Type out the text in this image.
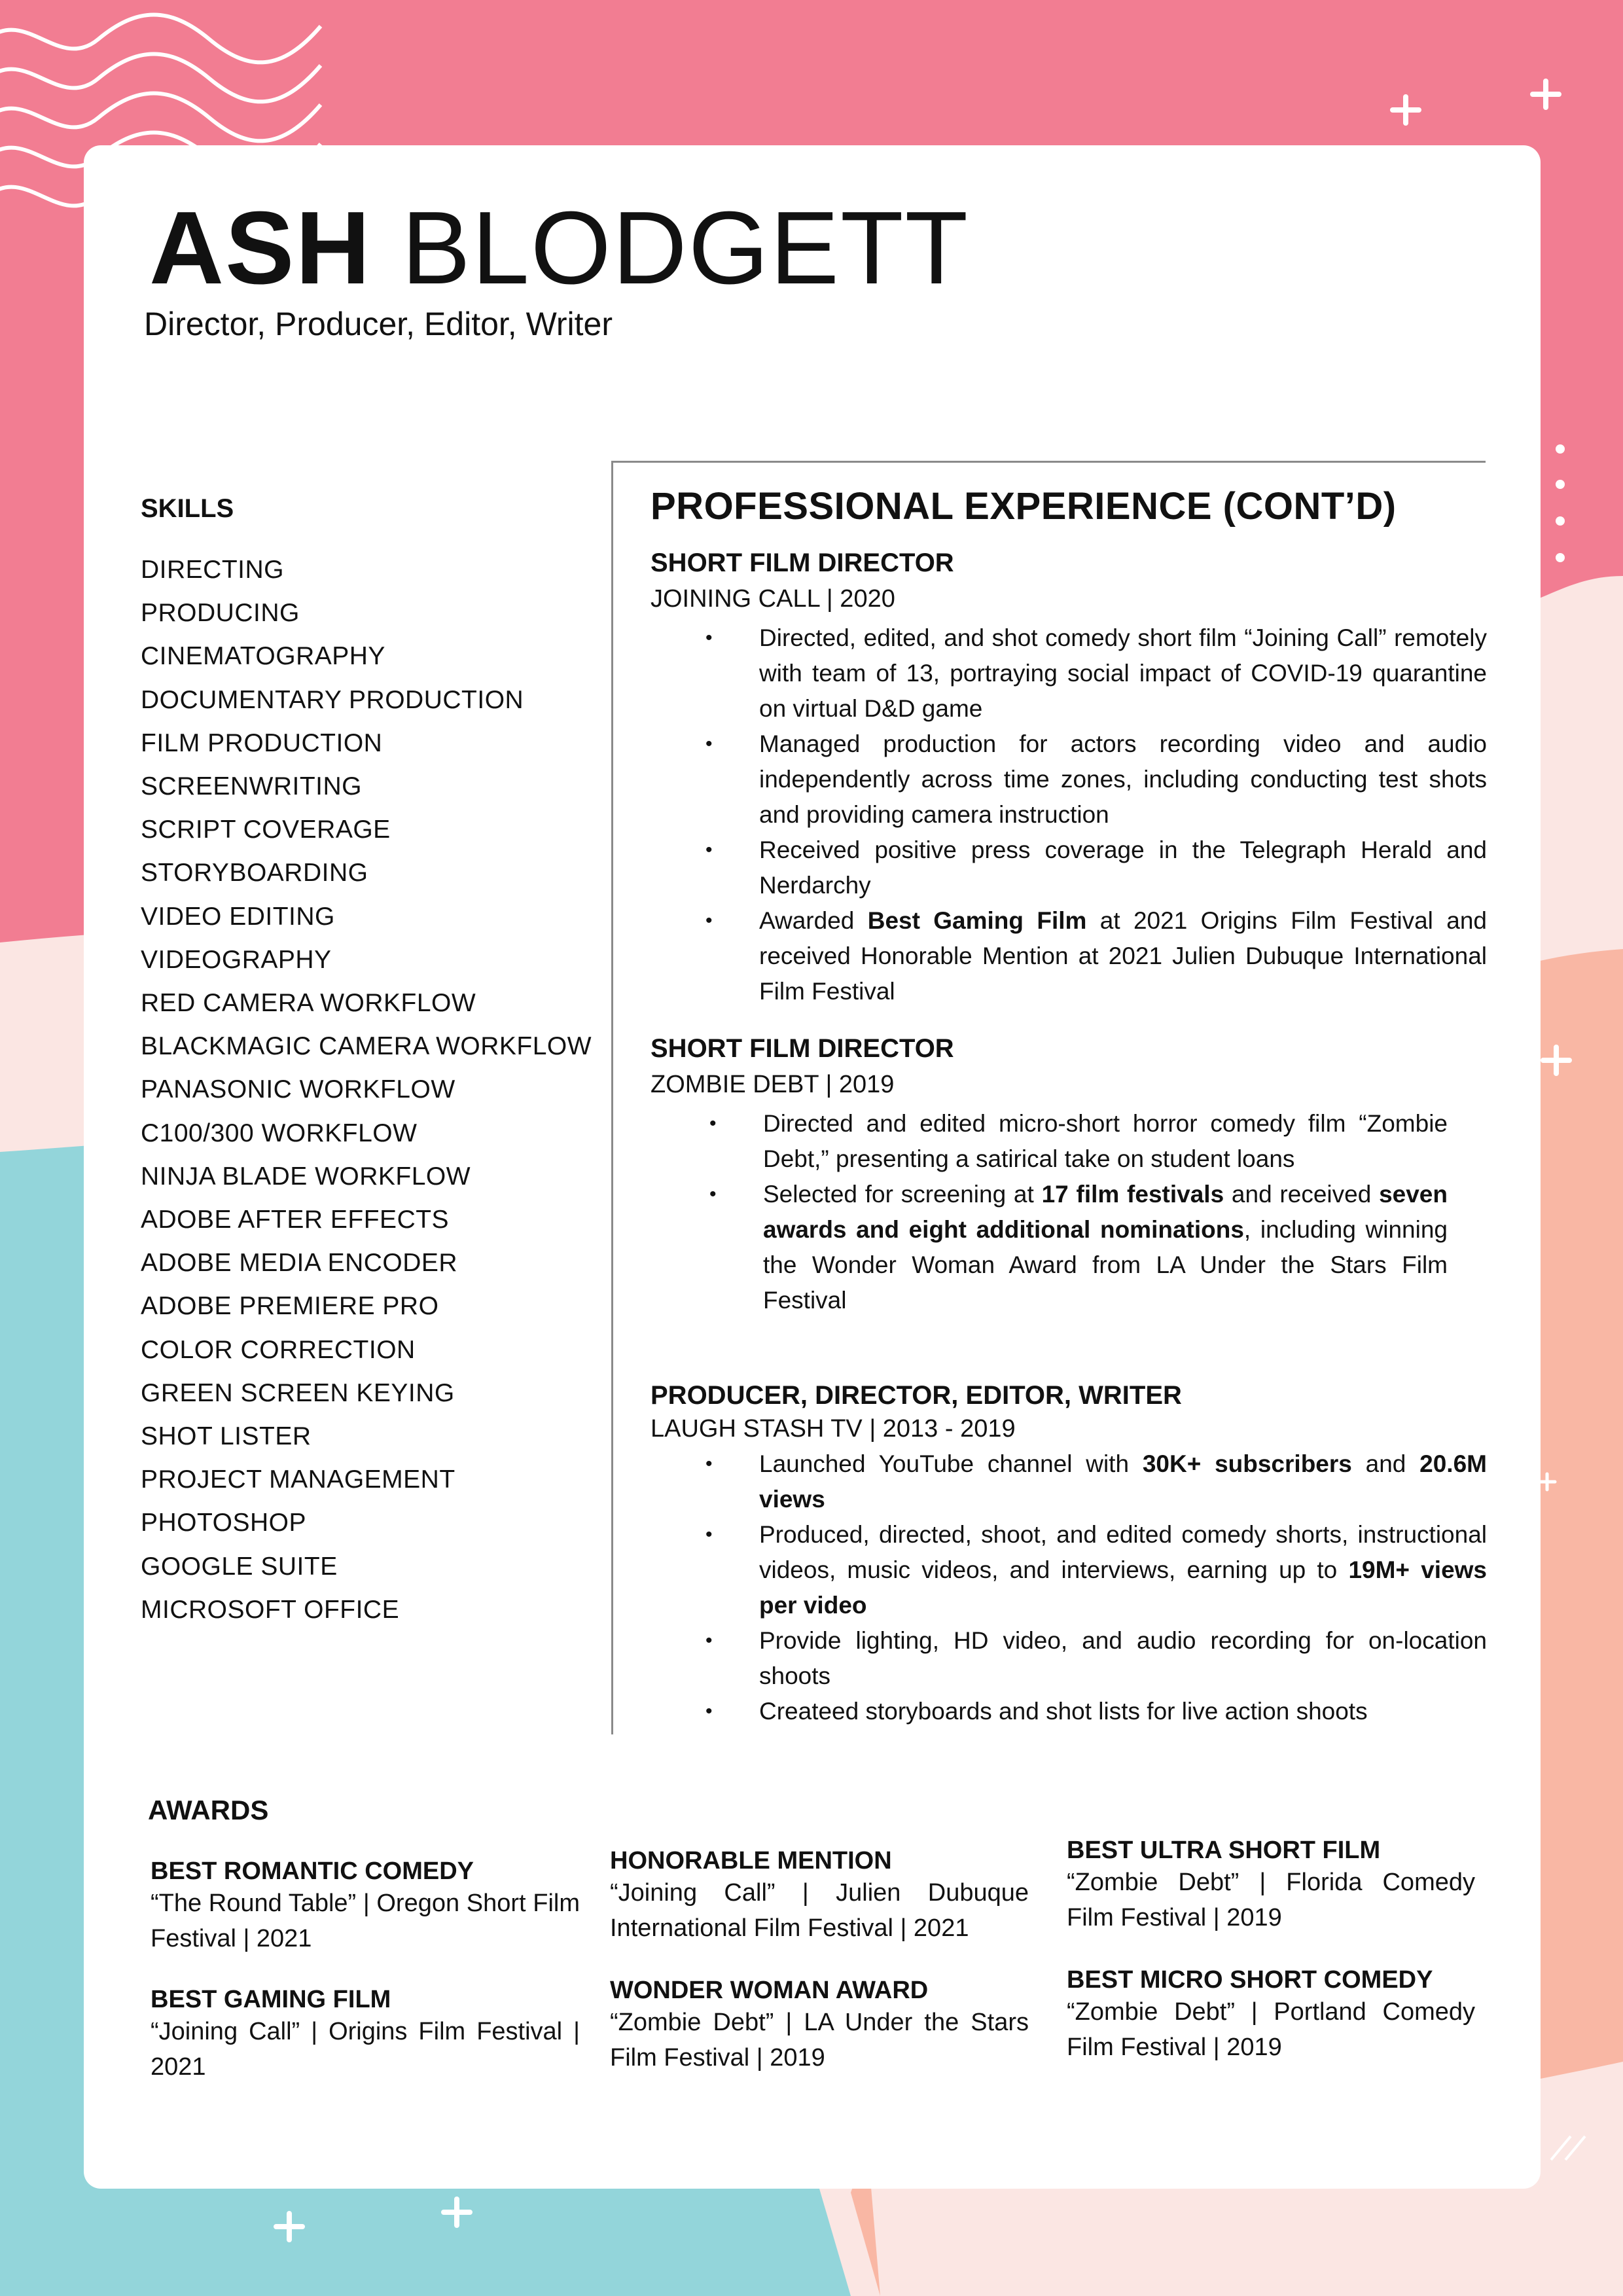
ASH BLODGETT
Director, Producer, Editor, Writer
SKILLS
DIRECTING
PRODUCING
CINEMATOGRAPHY
DOCUMENTARY PRODUCTION
FILM PRODUCTION
SCREENWRITING
SCRIPT COVERAGE
STORYBOARDING
VIDEO EDITING
VIDEOGRAPHY
RED CAMERA WORKFLOW
BLACKMAGIC CAMERA WORKFLOW
PANASONIC WORKFLOW
C100/300 WORKFLOW
NINJA BLADE WORKFLOW
ADOBE AFTER EFFECTS
ADOBE MEDIA ENCODER
ADOBE PREMIERE PRO
COLOR CORRECTION
GREEN SCREEN KEYING
SHOT LISTER
PROJECT MANAGEMENT
PHOTOSHOP
GOOGLE SUITE
MICROSOFT OFFICE
PROFESSIONAL EXPERIENCE (CONT’D)
SHORT FILM DIRECTOR
JOINING CALL | 2020
• Directed, edited, and shot comedy short film “Joining Call” remotely with team of 13, portraying social impact of COVID-19 quarantine on virtual D&D game
• Managed production for actors recording video and audio independently across time zones, including conducting test shots and providing camera instruction
• Received positive press coverage in the Telegraph Herald and Nerdarchy
• Awarded Best Gaming Film at 2021 Origins Film Festival and received Honorable Mention at 2021 Julien Dubuque International Film Festival
SHORT FILM DIRECTOR
ZOMBIE DEBT | 2019
• Directed and edited micro-short horror comedy film “Zombie Debt,” presenting a satirical take on student loans
• Selected for screening at 17 film festivals and received seven awards and eight additional nominations, including winning the Wonder Woman Award from LA Under the Stars Film Festival
PRODUCER, DIRECTOR, EDITOR, WRITER
LAUGH STASH TV | 2013 - 2019
• Launched YouTube channel with 30K+ subscribers and 20.6M views
• Produced, directed, shoot, and edited comedy shorts, instructional videos, music videos, and interviews, earning up to 19M+ views per video
• Provide lighting, HD video, and audio recording for on-location shoots
• Createed storyboards and shot lists for live action shoots
AWARDS
BEST ROMANTIC COMEDY
“The Round Table” | Oregon Short Film Festival | 2021
BEST GAMING FILM
“Joining Call” | Origins Film Festival | 2021
HONORABLE MENTION
“Joining Call” | Julien Dubuque International Film Festival | 2021
WONDER WOMAN AWARD
“Zombie Debt” | LA Under the Stars Film Festival | 2019
BEST ULTRA SHORT FILM
“Zombie Debt” | Florida Comedy Film Festival | 2019
BEST MICRO SHORT COMEDY
“Zombie Debt” | Portland Comedy Film Festival | 2019
